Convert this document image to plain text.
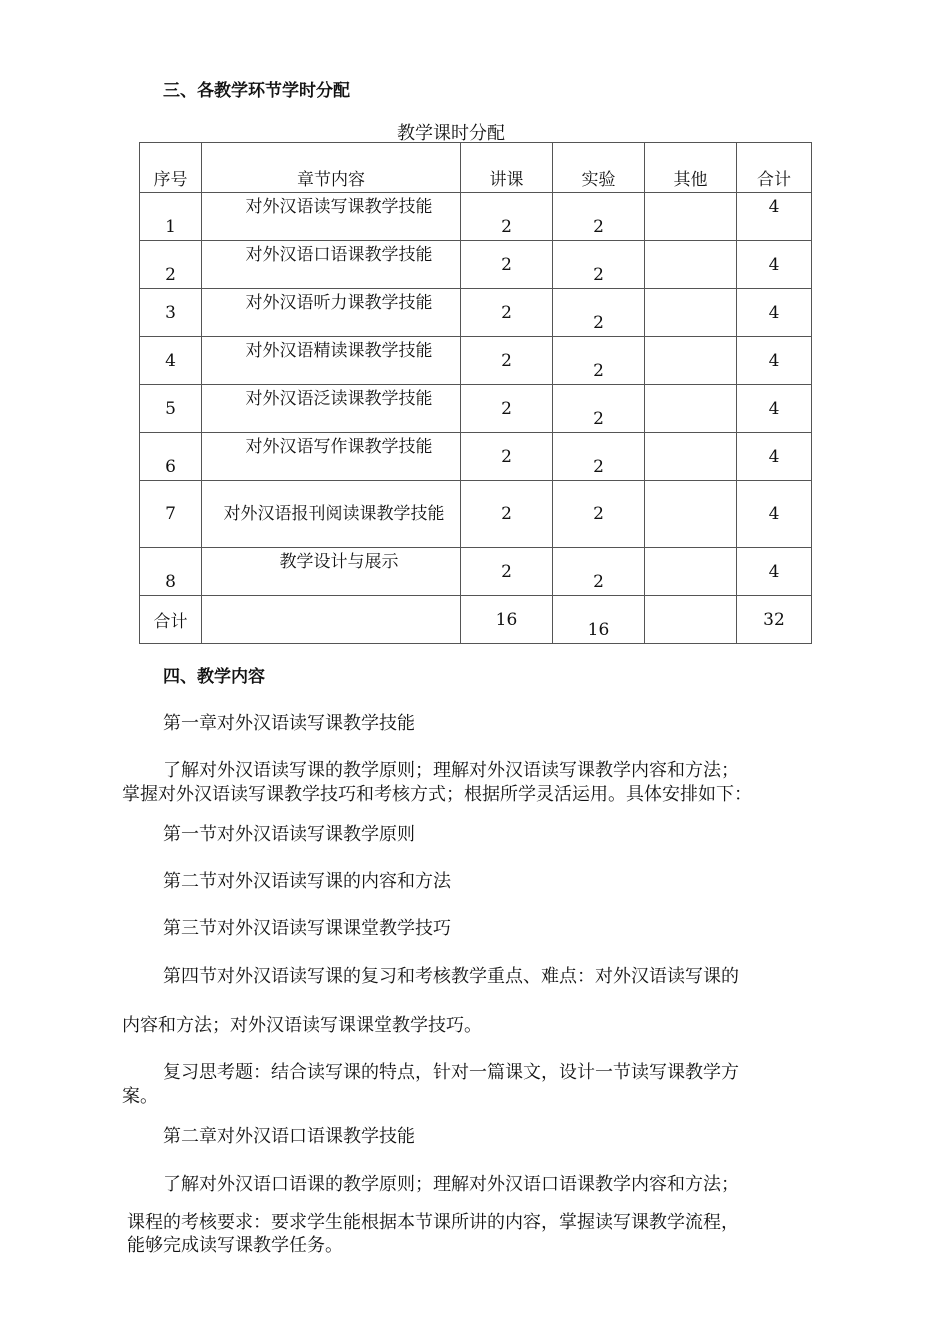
三、各教学环节学时分配
教学课时分配
序号	章节内容	讲课	实验	其他	合计

1	对外汉语读写课教学技能	2	2		4
2	对外汉语口语课教学技能	2	2		4
3	对外汉语听力课教学技能	2	2		4
4	对外汉语精读课教学技能	2	2		4
5	对外汉语泛读课教学技能	2	2		4
6	对外汉语写作课教学技能	2	2		4
7	对外汉语报刊阅读课教学技能	2	2		4
8	教学设计与展示	2	2		4
合计		16	16		32
四、教学内容
第一章对外汉语读写课教学技能
了解对外汉语读写课的教学原则；理解对外汉语读写课教学内容和方法；
掌握对外汉语读写课教学技巧和考核方式；根据所学灵活运用。具体安排如下：
第一节对外汉语读写课教学原则
第二节对外汉语读写课的内容和方法
第三节对外汉语读写课课堂教学技巧
第四节对外汉语读写课的复习和考核教学重点、难点：对外汉语读写课的
内容和方法；对外汉语读写课课堂教学技巧。
复习思考题：结合读写课的特点，针对一篇课文，设计一节读写课教学方
案。
第二章对外汉语口语课教学技能
了解对外汉语口语课的教学原则；理解对外汉语口语课教学内容和方法；
课程的考核要求：要求学生能根据本节课所讲的内容，掌握读写课教学流程，
能够完成读写课教学任务。
